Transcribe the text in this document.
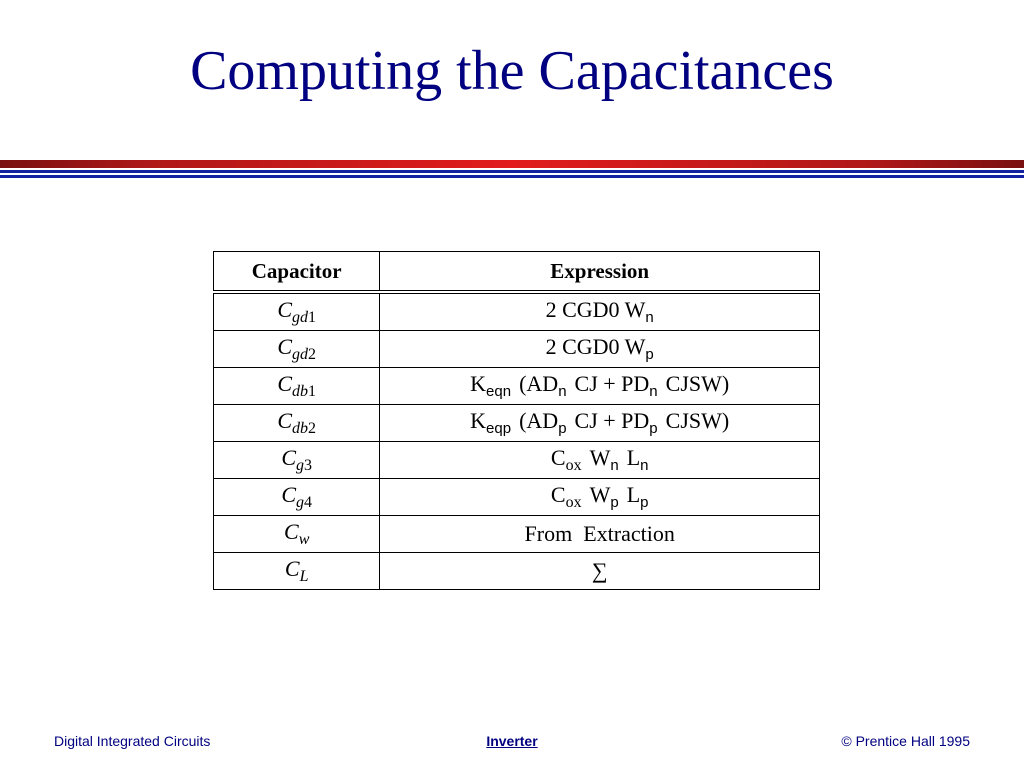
Computing the Capacitances
Capacitor	Expression
$C_{gd1}$	2 CGD0 $W_n$
$C_{gd2}$	2 CGD0 $W_p$
$C_{db1}$	$K_{eqn}$ ($AD_n$ CJ + $PD_n$ CJSW)
$C_{db2}$	$K_{eqp}$ ($AD_p$ CJ + $PD_p$ CJSW)
$C_{g3}$	$C_{ox}$ $W_n$ $L_n$
$C_{g4}$	$C_{ox}$ $W_p$ $L_p$
$C_w$	From  Extraction
$C_L$	∑
Digital Integrated Circuits	Inverter	© Prentice Hall 1995
